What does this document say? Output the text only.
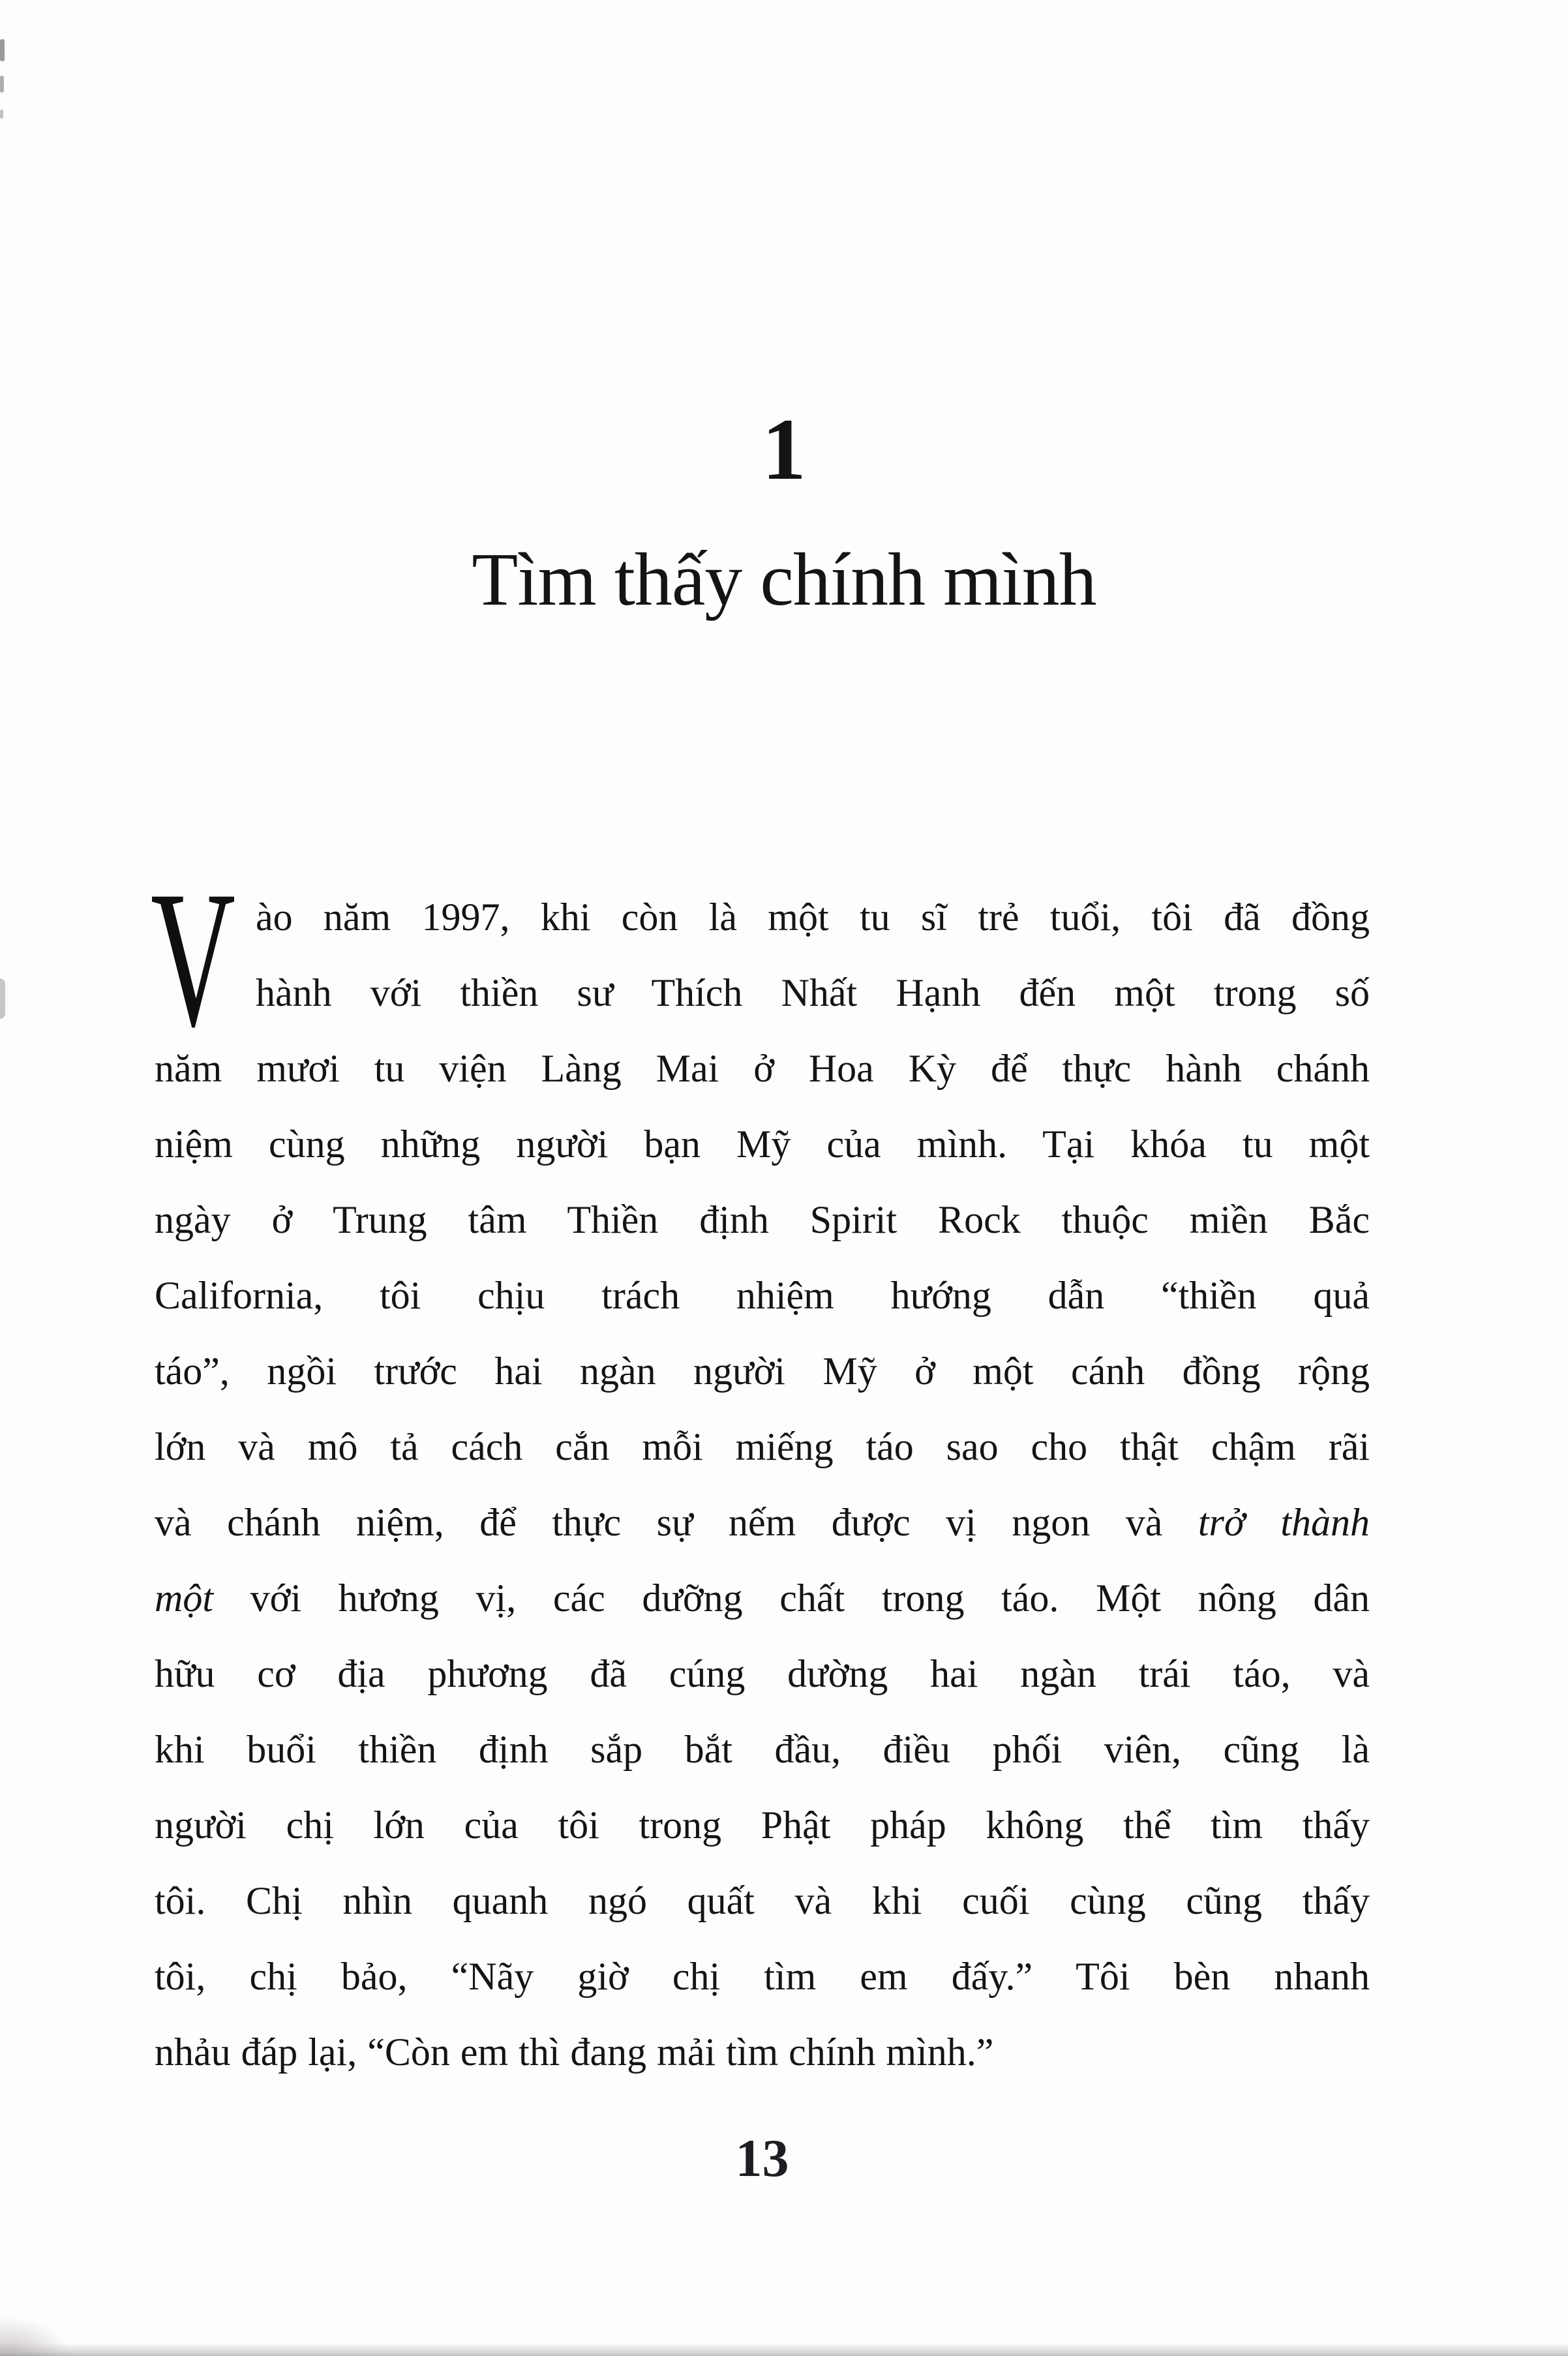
1
Tìm thấy chính mình
V ào năm 1997, khi còn là một tu sĩ trẻ tuổi, tôi đã đồng
hành với thiền sư Thích Nhất Hạnh đến một trong số
năm mươi tu viện Làng Mai ở Hoa Kỳ để thực hành chánh
niệm cùng những người bạn Mỹ của mình. Tại khóa tu một
ngày ở Trung tâm Thiền định Spirit Rock thuộc miền Bắc
California, tôi chịu trách nhiệm hướng dẫn “thiền quả
táo”, ngồi trước hai ngàn người Mỹ ở một cánh đồng rộng
lớn và mô tả cách cắn mỗi miếng táo sao cho thật chậm rãi
và chánh niệm, để thực sự nếm được vị ngon và trở thành
một với hương vị, các dưỡng chất trong táo. Một nông dân
hữu cơ địa phương đã cúng dường hai ngàn trái táo, và
khi buổi thiền định sắp bắt đầu, điều phối viên, cũng là
người chị lớn của tôi trong Phật pháp không thể tìm thấy
tôi. Chị nhìn quanh ngó quất và khi cuối cùng cũng thấy
tôi, chị bảo, “Nãy giờ chị tìm em đấy.” Tôi bèn nhanh
nhảu đáp lại, “Còn em thì đang mải tìm chính mình.”
13
